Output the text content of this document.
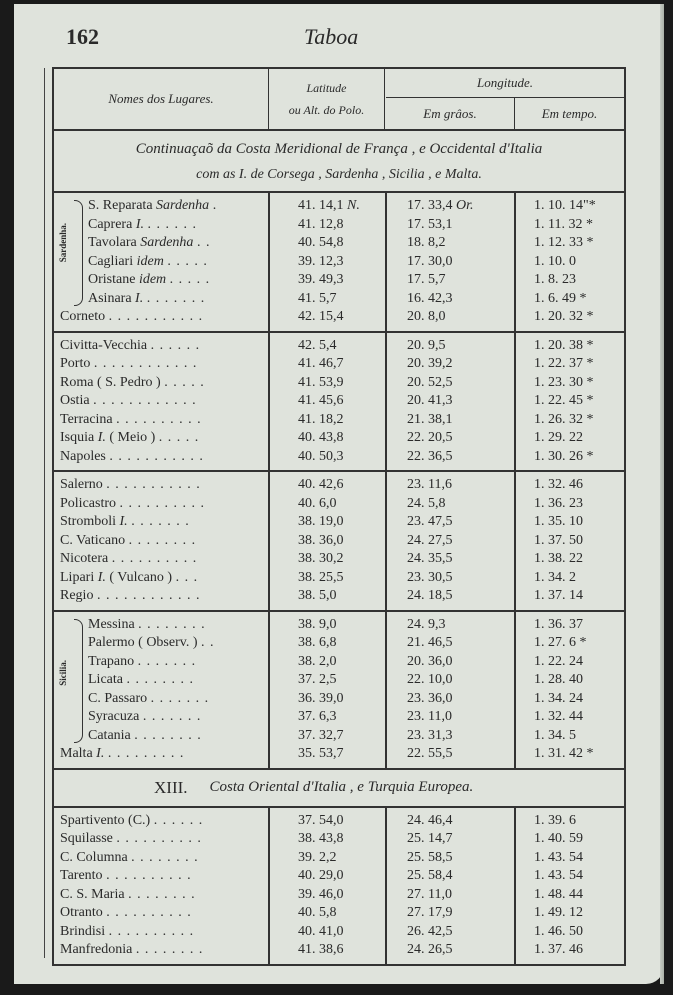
162	Taboa
Nomes dos Lugares.
Latitude
ou Alt. do Polo.
Longitude.
Em grâos.	Em tempo.
Continuaçaõ da Costa Meridional de França , e Occidental d'Italia
com as I. de Corsega , Sardenha , Sicilia , e Malta.
Sardenha.
S. Reparata Sardenha .	41. 14,1 N.	17. 33,4 Or.	1. 10. 14"*
Caprera I. . . . . . .	41. 12,8	17. 53,1	1. 11. 32 *
Tavolara Sardenha . .	40. 54,8	18. 8,2	1. 12. 33 *
Cagliari idem . . . . .	39. 12,3	17. 30,0	1. 10. 0
Oristane idem . . . . .	39. 49,3	17. 5,7	1. 8. 23
Asinara I. . . . . . . .	41. 5,7	16. 42,3	1. 6. 49 *
Corneto . . . . . . . . . . .	42. 15,4	20. 8,0	1. 20. 32 *
Civitta-Vecchia . . . . . .	42. 5,4	20. 9,5	1. 20. 38 *
Porto . . . . . . . . . . . .	41. 46,7	20. 39,2	1. 22. 37 *
Roma ( S. Pedro ) . . . . .	41. 53,9	20. 52,5	1. 23. 30 *
Ostia . . . . . . . . . . . .	41. 45,6	20. 41,3	1. 22. 45 *
Terracina . . . . . . . . . .	41. 18,2	21. 38,1	1. 26. 32 *
Isquia I. ( Meio ) . . . . .	40. 43,8	22. 20,5	1. 29. 22
Napoles . . . . . . . . . . .	40. 50,3	22. 36,5	1. 30. 26 *
Salerno . . . . . . . . . . .	40. 42,6	23. 11,6	1. 32. 46
Policastro . . . . . . . . . .	40. 6,0	24. 5,8	1. 36. 23
Stromboli I. . . . . . . .	38. 19,0	23. 47,5	1. 35. 10
C. Vaticano . . . . . . . .	38. 36,0	24. 27,5	1. 37. 50
Nicotera . . . . . . . . . .	38. 30,2	24. 35,5	1. 38. 22
Lipari I. ( Vulcano ) . . .	38. 25,5	23. 30,5	1. 34. 2
Regio . . . . . . . . . . . .	38. 5,0	24. 18,5	1. 37. 14
Sicilia.
Messina . . . . . . . .	38. 9,0	24. 9,3	1. 36. 37
Palermo ( Observ. ) . .	38. 6,8	21. 46,5	1. 27. 6 *
Trapano . . . . . . .	38. 2,0	20. 36,0	1. 22. 24
Licata . . . . . . . .	37. 2,5	22. 10,0	1. 28. 40
C. Passaro . . . . . . .	36. 39,0	23. 36,0	1. 34. 24
Syracuza . . . . . . .	37. 6,3	23. 11,0	1. 32. 44
Catania . . . . . . . .	37. 32,7	23. 31,3	1. 34. 5
Malta I. . . . . . . . . .	35. 53,7	22. 55,5	1. 31. 42 *
XIII. Costa Oriental d'Italia , e Turquia Europea.
Spartivento (C.) . . . . . .	37. 54,0	24. 46,4	1. 39. 6
Squilasse . . . . . . . . . .	38. 43,8	25. 14,7	1. 40. 59
C. Columna . . . . . . . .	39. 2,2	25. 58,5	1. 43. 54
Tarento . . . . . . . . . .	40. 29,0	25. 58,4	1. 43. 54
C. S. Maria . . . . . . . .	39. 46,0	27. 11,0	1. 48. 44
Otranto . . . . . . . . . .	40. 5,8	27. 17,9	1. 49. 12
Brindisi . . . . . . . . . .	40. 41,0	26. 42,5	1. 46. 50
Manfredonia . . . . . . . .	41. 38,6	24. 26,5	1. 37. 46
